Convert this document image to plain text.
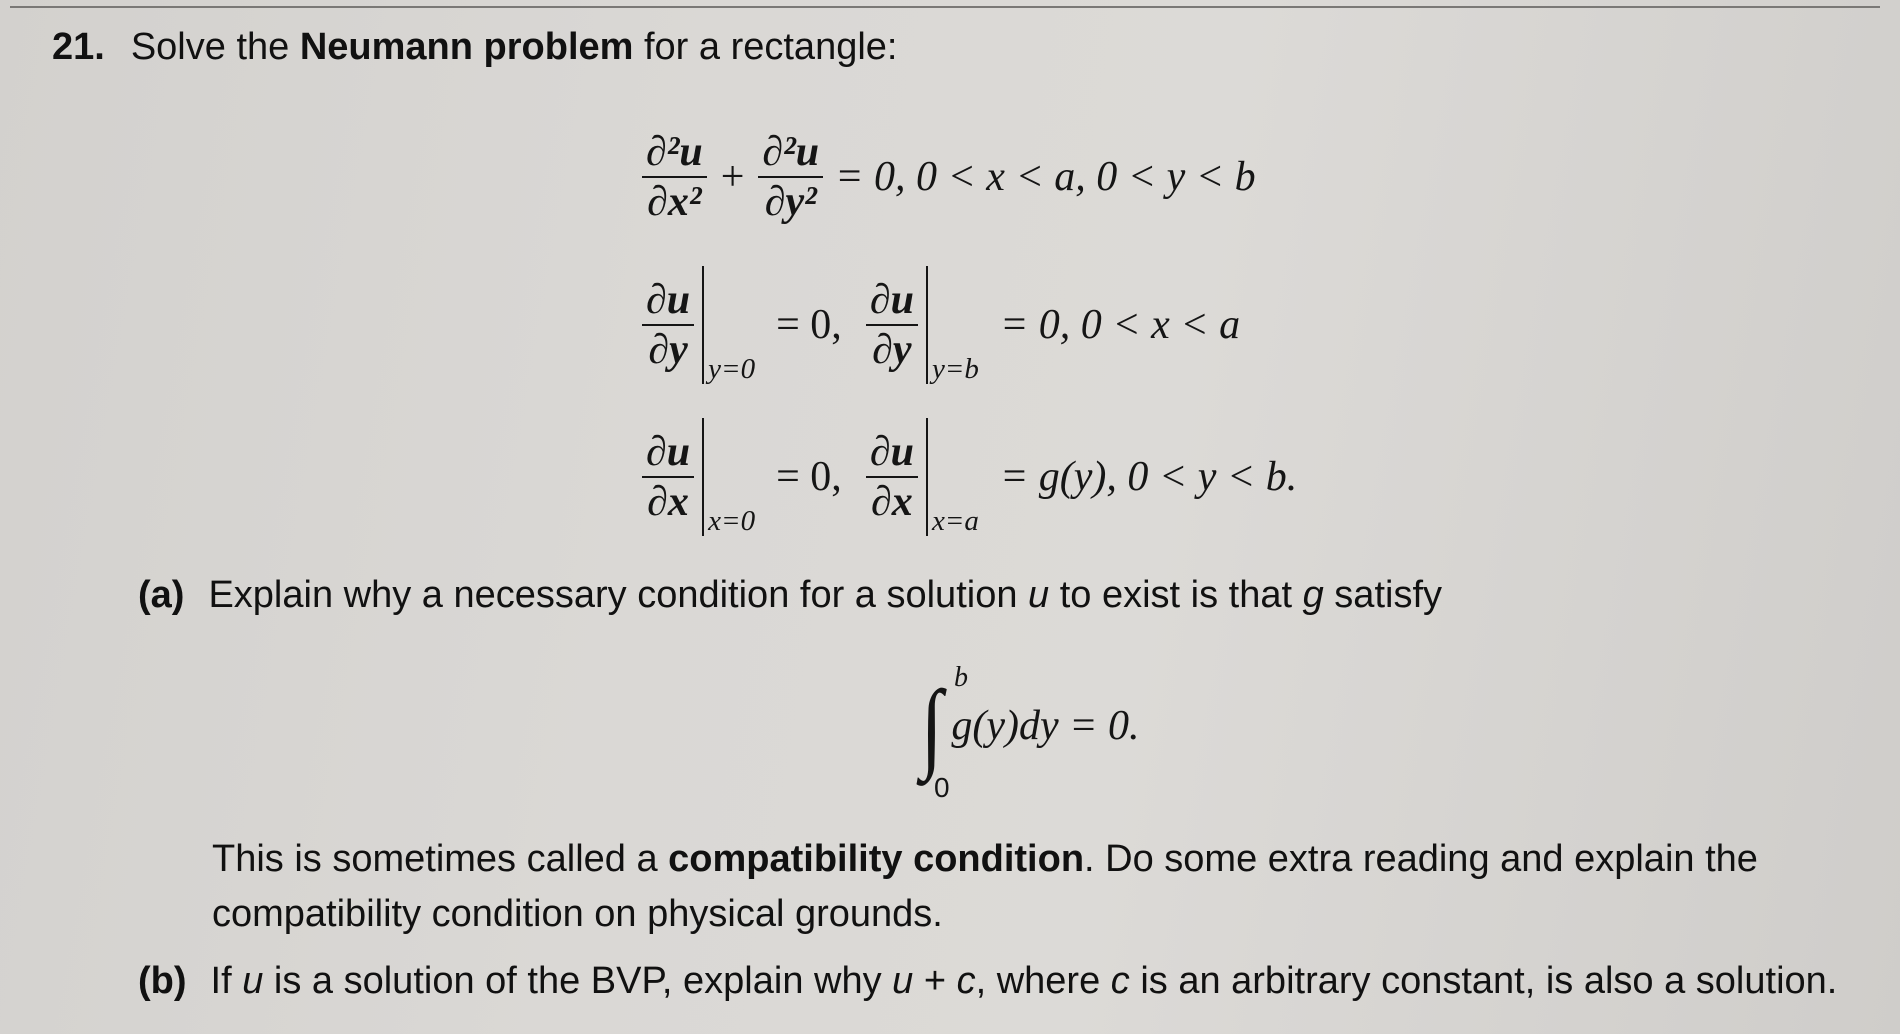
21. Solve the Neumann problem for a rectangle:
$\frac{\text{∂²u}}{\text{∂x²}} + \frac{\text{∂²u}}{\text{∂y²}} = 0$, 0 < x < a, 0 < y < b
$\frac{\partial u}{\partial y}$
y=0
= 0, $\frac{\partial u}{\partial y}$
y=b
= 0, 0 < x < a
$\frac{\partial u}{\partial x}$
x=0
= 0, $\frac{\partial u}{\partial x}$
x=a
= g(y), 0 < y < b.
(a) Explain why a necessary condition for a solution u to exist is that g satisfy
∫ g(y)dy = 0.
b
0
This is sometimes called a compatibility condition. Do some extra reading and explain the
compatibility condition on physical grounds.
(b) If u is a solution of the BVP, explain why u + c, where c is an arbitrary constant, is also a solution.
